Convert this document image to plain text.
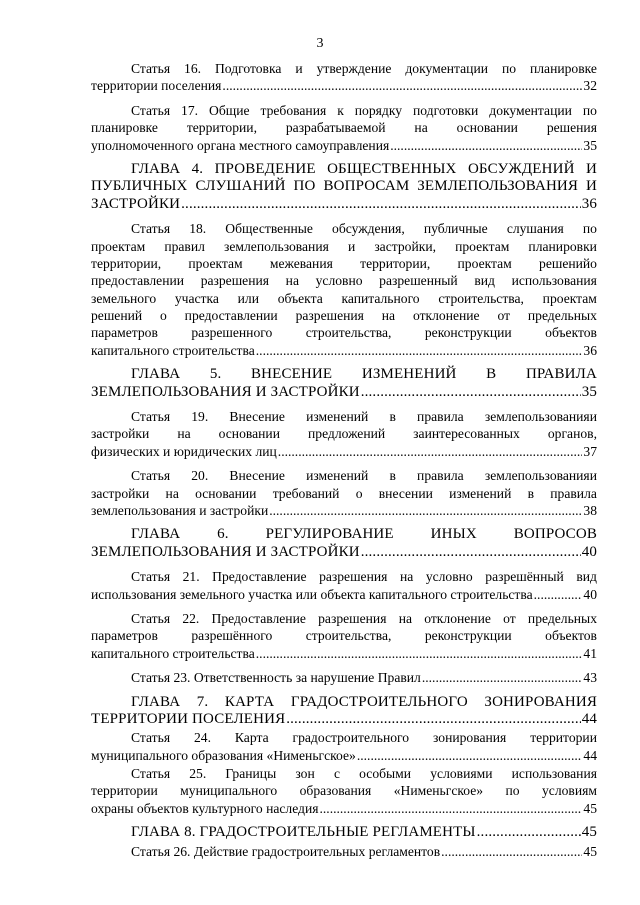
3
Статья 16. Подготовка и утверждение документации по планировке
территории поселения .....	32
Статья 17. Общие требования к порядку подготовки документации по
планировке территории, разрабатываемой на основании решения
уполномоченного органа местного самоуправления .....	35
ГЛАВА 4. ПРОВЕДЕНИЕ ОБЩЕСТВЕННЫХ ОБСУЖДЕНИЙ И
ПУБЛИЧНЫХ СЛУШАНИЙ ПО ВОПРОСАМ ЗЕМЛЕПОЛЬЗОВАНИЯ И
ЗАСТРОЙКИ .....	36
Статья 18. Общественные обсуждения, публичные слушания по
проектам правил землепользования и застройки, проектам планировки
территории, проектам межевания территории, проектам решенийо
предоставлении разрешения на условно разрешенный вид использования
земельного участка или объекта капитального строительства, проектам
решений о предоставлении разрешения на отклонение от предельных
параметров разрешенного строительства, реконструкции объектов
капитального строительства .....	36
ГЛАВА 5. ВНЕСЕНИЕ ИЗМЕНЕНИЙ В ПРАВИЛА
ЗЕМЛЕПОЛЬЗОВАНИЯ И ЗАСТРОЙКИ .....	35
Статья 19. Внесение изменений в правила землепользованияи
застройки на основании предложений заинтересованных органов,
физических и юридических лиц .....	37
Статья 20. Внесение изменений в правила землепользованияи
застройки на основании требований о внесении изменений в правила
землепользования и застройки .....	38
ГЛАВА 6. РЕГУЛИРОВАНИЕ ИНЫХ ВОПРОСОВ
ЗЕМЛЕПОЛЬЗОВАНИЯ И ЗАСТРОЙКИ .....	40
Статья 21. Предоставление разрешения на условно разрешённый вид
использования земельного участка или объекта капитального строительства .....	40
Статья 22. Предоставление разрешения на отклонение от предельных
параметров разрешённого строительства, реконструкции объектов
капитального строительства .....	41
Статья 23. Ответственность за нарушение Правил .....	43
ГЛАВА 7. КАРТА ГРАДОСТРОИТЕЛЬНОГО ЗОНИРОВАНИЯ
ТЕРРИТОРИИ ПОСЕЛЕНИЯ .....	44
Статья 24. Карта градостроительного зонирования территории
муниципального образования «Нименьгское» .....	44
Статья 25. Границы зон с особыми условиями использования
территории муниципального образования «Нименьгское» по условиям
охраны объектов культурного наследия .....	45
ГЛАВА 8. ГРАДОСТРОИТЕЛЬНЫЕ РЕГЛАМЕНТЫ .....	45
Статья 26. Действие градостроительных регламентов .....	45
